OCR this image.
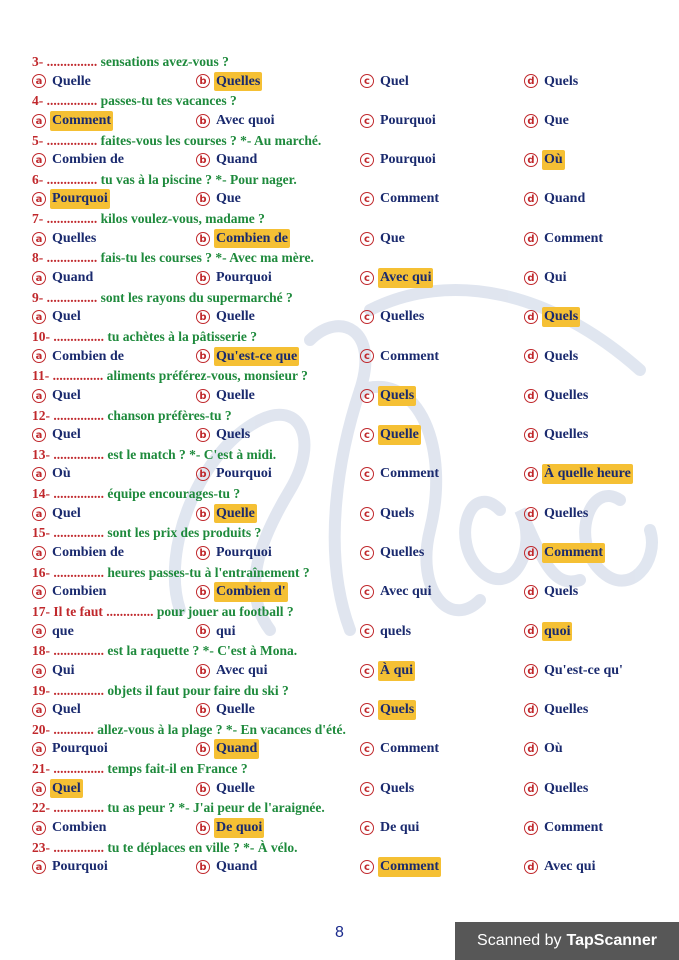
3- ............... sensations avez-vous ?
a Quelle	b Quelles	c Quel	d Quels
4- ............... passes-tu tes vacances ?
a Comment	b Avec quoi	c Pourquoi	d Que
5- ............... faites-vous les courses ? *- Au marché.
a Combien de	b Quand	c Pourquoi	d Où
6- ............... tu vas à la piscine ? *- Pour nager.
a Pourquoi	b Que	c Comment	d Quand
7- ............... kilos voulez-vous, madame ?
a Quelles	b Combien de	c Que	d Comment
8- ............... fais-tu les courses ? *- Avec ma mère.
a Quand	b Pourquoi	c Avec qui	d Qui
9- ............... sont les rayons du supermarché ?
a Quel	b Quelle	c Quelles	d Quels
10- ............... tu achètes à la pâtisserie ?
a Combien de	b Qu'est-ce que	c Comment	d Quels
11- ............... aliments préférez-vous, monsieur ?
a Quel	b Quelle	c Quels	d Quelles
12- ............... chanson préfères-tu ?
a Quel	b Quels	c Quelle	d Quelles
13- ............... est le match ? *- C'est à midi.
a Où	b Pourquoi	c Comment	d À quelle heure
14- ............... équipe encourages-tu ?
a Quel	b Quelle	c Quels	d Quelles
15- ............... sont les prix des produits ?
a Combien de	b Pourquoi	c Quelles	d Comment
16- ............... heures passes-tu à l'entraînement ?
a Combien	b Combien d'	c Avec qui	d Quels
17- Il te faut .............. pour jouer au football ?
a que	b qui	c quels	d quoi
18- ............... est la raquette ? *- C'est à Mona.
a Qui	b Avec qui	c À qui	d Qu'est-ce qu'
19- ............... objets il faut pour faire du ski ?
a Quel	b Quelle	c Quels	d Quelles
20- ............ allez-vous à la plage ? *- En vacances d'été.
a Pourquoi	b Quand	c Comment	d Où
21- ............... temps fait-il en France ?
a Quel	b Quelle	c Quels	d Quelles
22- ............... tu as peur ? *- J'ai peur de l'araignée.
a Combien	b De quoi	c De qui	d Comment
23- ............... tu te déplaces en ville ? *- À vélo.
a Pourquoi	b Quand	c Comment	d Avec qui
8	Scanned by TapScanner
